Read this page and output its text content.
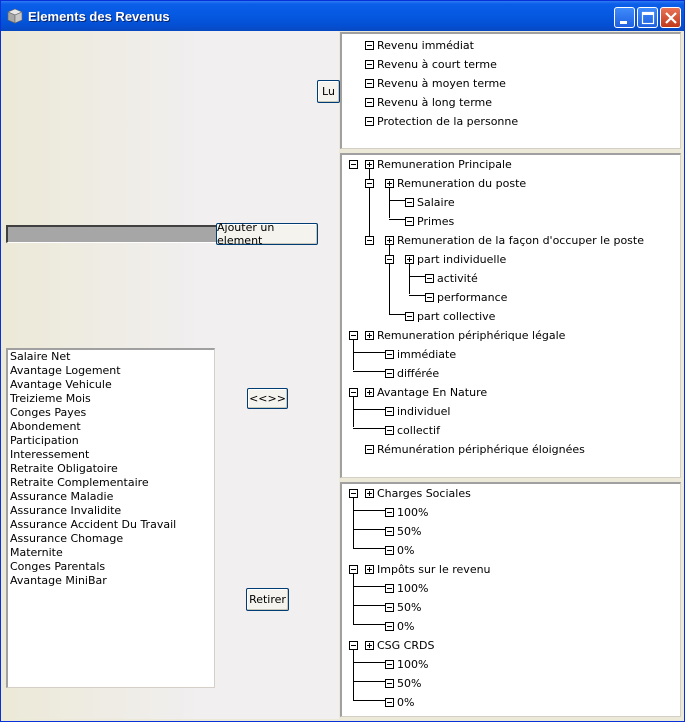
Elements des Revenus
Lu
Ajouter un element
Salaire Net
Avantage Logement
Avantage Vehicule
Treizieme Mois
Conges Payes
Abondement
Participation
Interessement
Retraite Obligatoire
Retraite Complementaire
Assurance Maladie
Assurance Invalidite
Assurance Accident Du Travail
Assurance Chomage
Maternite
Conges Parentals
Avantage MiniBar
<<>>
Retirer
Revenu immédiat
Revenu à court terme
Revenu à moyen terme
Revenu à long terme
Protection de la personne
Remuneration Principale
Remuneration du poste
Salaire
Primes
Remuneration de la façon d'occuper le poste
part individuelle
activité
performance
part collective
Remuneration périphérique légale
immédiate
différée
Avantage En Nature
individuel
collectif
Rémunération périphérique éloignées
Charges Sociales
100%
50%
0%
Impôts sur le revenu
100%
50%
0%
CSG CRDS
100%
50%
0%
